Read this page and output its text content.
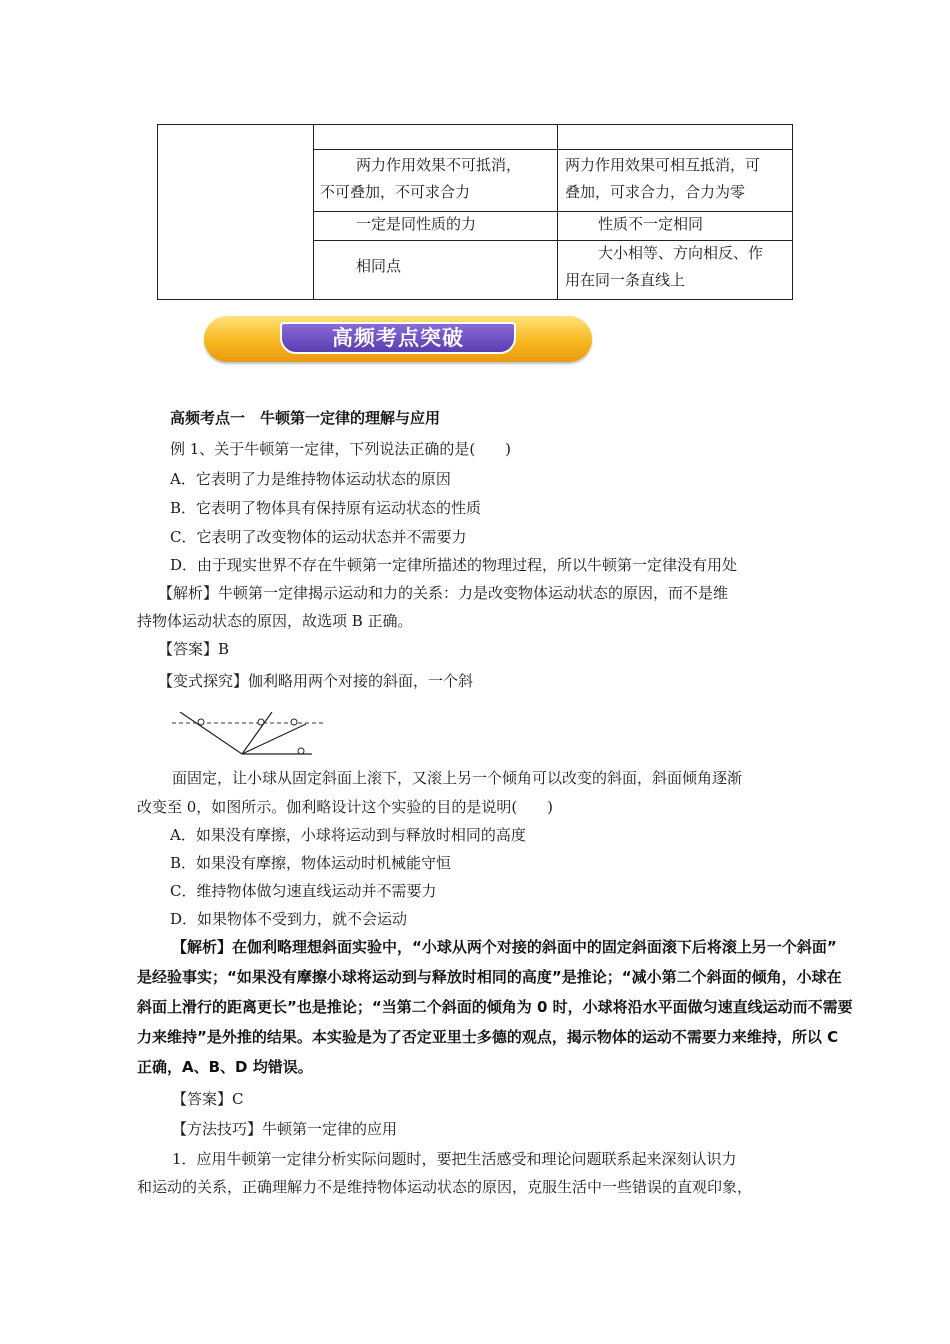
两力作用效果不可抵消，
不可叠加，不可求合力
两力作用效果可相互抵消，可
叠加，可求合力，合力为零
一定是同性质的力	性质不一定相同
相同点
大小相等、方向相反、作
用在同一条直线上
高频考点突破
高频考点一　牛顿第一定律的理解与应用
例 1、关于牛顿第一定律，下列说法正确的是(　　)
A．它表明了力是维持物体运动状态的原因
B．它表明了物体具有保持原有运动状态的性质
C．它表明了改变物体的运动状态并不需要力
D．由于现实世界不存在牛顿第一定律所描述的物理过程，所以牛顿第一定律没有用处
【解析】牛顿第一定律揭示运动和力的关系：力是改变物体运动状态的原因，而不是维
持物体运动状态的原因，故选项 B 正确。
【答案】B
【变式探究】伽利略用两个对接的斜面，一个斜
面固定，让小球从固定斜面上滚下，又滚上另一个倾角可以改变的斜面，斜面倾角逐渐
改变至 0，如图所示。伽利略设计这个实验的目的是说明(　　)
A．如果没有摩擦，小球将运动到与释放时相同的高度
B．如果没有摩擦，物体运动时机械能守恒
C．维持物体做匀速直线运动并不需要力
D．如果物体不受到力，就不会运动
【解析】在伽利略理想斜面实验中，“小球从两个对接的斜面中的固定斜面滚下后将滚上另一个斜面”
是经验事实；“如果没有摩擦小球将运动到与释放时相同的高度”是推论；“减小第二个斜面的倾角，小球在
斜面上滑行的距离更长”也是推论；“当第二个斜面的倾角为 0 时，小球将沿水平面做匀速直线运动而不需要
力来维持”是外推的结果。本实验是为了否定亚里士多德的观点，揭示物体的运动不需要力来维持，所以 C
正确，A、B、D 均错误。
【答案】C
【方法技巧】牛顿第一定律的应用
1．应用牛顿第一定律分析实际问题时，要把生活感受和理论问题联系起来深刻认识力
和运动的关系，正确理解力不是维持物体运动状态的原因，克服生活中一些错误的直观印象，
